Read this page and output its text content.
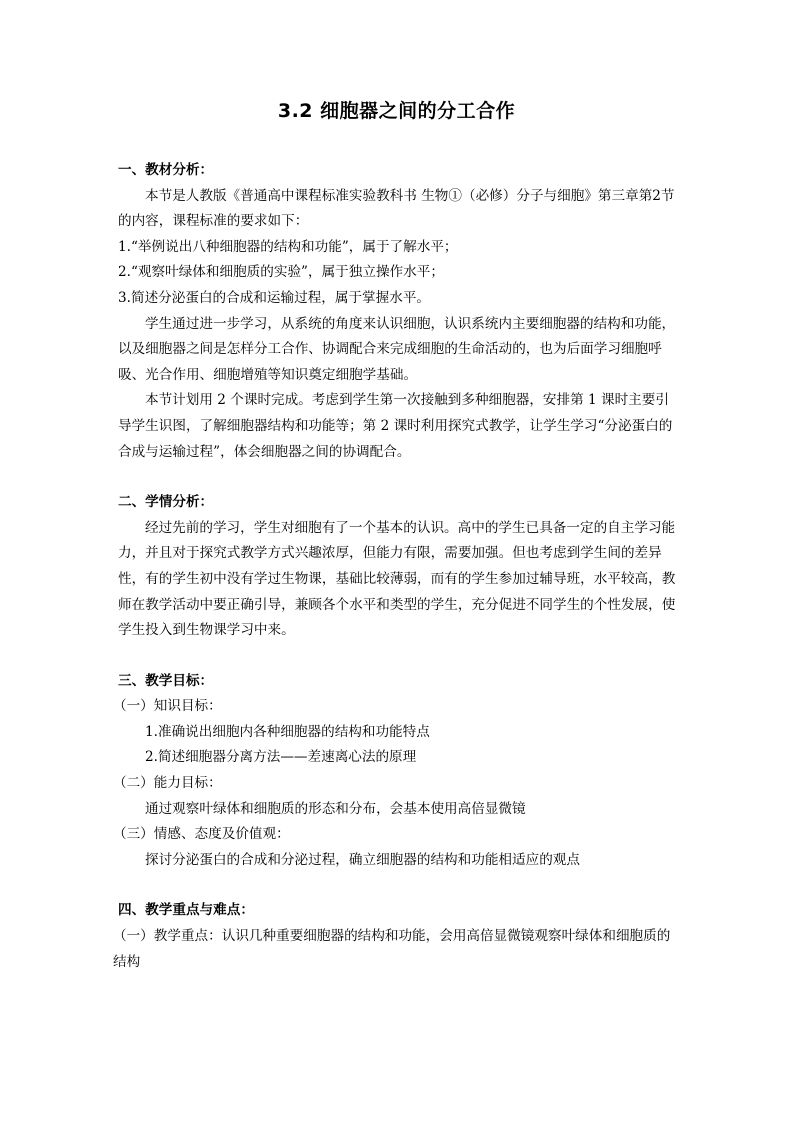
3.2 细胞器之间的分工合作

一、教材分析：

本节是人教版《普通高中课程标准实验教科书 生物①（必修）分子与细胞》第三章第2节的内容，课程标准的要求如下：

1.“举例说出八种细胞器的结构和功能”，属于了解水平；

2.“观察叶绿体和细胞质的实验”，属于独立操作水平；

3.简述分泌蛋白的合成和运输过程，属于掌握水平。

学生通过进一步学习，从系统的角度来认识细胞，认识系统内主要细胞器的结构和功能，以及细胞器之间是怎样分工合作、协调配合来完成细胞的生命活动的，也为后面学习细胞呼吸、光合作用、细胞增殖等知识奠定细胞学基础。

本节计划用 2 个课时完成。考虑到学生第一次接触到多种细胞器，安排第 1 课时主要引导学生识图，了解细胞器结构和功能等；第 2 课时利用探究式教学，让学生学习“分泌蛋白的合成与运输过程”，体会细胞器之间的协调配合。

二、学情分析：

经过先前的学习，学生对细胞有了一个基本的认识。高中的学生已具备一定的自主学习能力，并且对于探究式教学方式兴趣浓厚，但能力有限，需要加强。但也考虑到学生间的差异性，有的学生初中没有学过生物课，基础比较薄弱，而有的学生参加过辅导班，水平较高，教师在教学活动中要正确引导，兼顾各个水平和类型的学生，充分促进不同学生的个性发展，使学生投入到生物课学习中来。

三、教学目标：

（一）知识目标：

1.准确说出细胞内各种细胞器的结构和功能特点

2.简述细胞器分离方法——差速离心法的原理

（二）能力目标：

通过观察叶绿体和细胞质的形态和分布，会基本使用高倍显微镜

（三）情感、态度及价值观：

探讨分泌蛋白的合成和分泌过程，确立细胞器的结构和功能相适应的观点

四、教学重点与难点：

（一）教学重点：认识几种重要细胞器的结构和功能，会用高倍显微镜观察叶绿体和细胞质的结构
